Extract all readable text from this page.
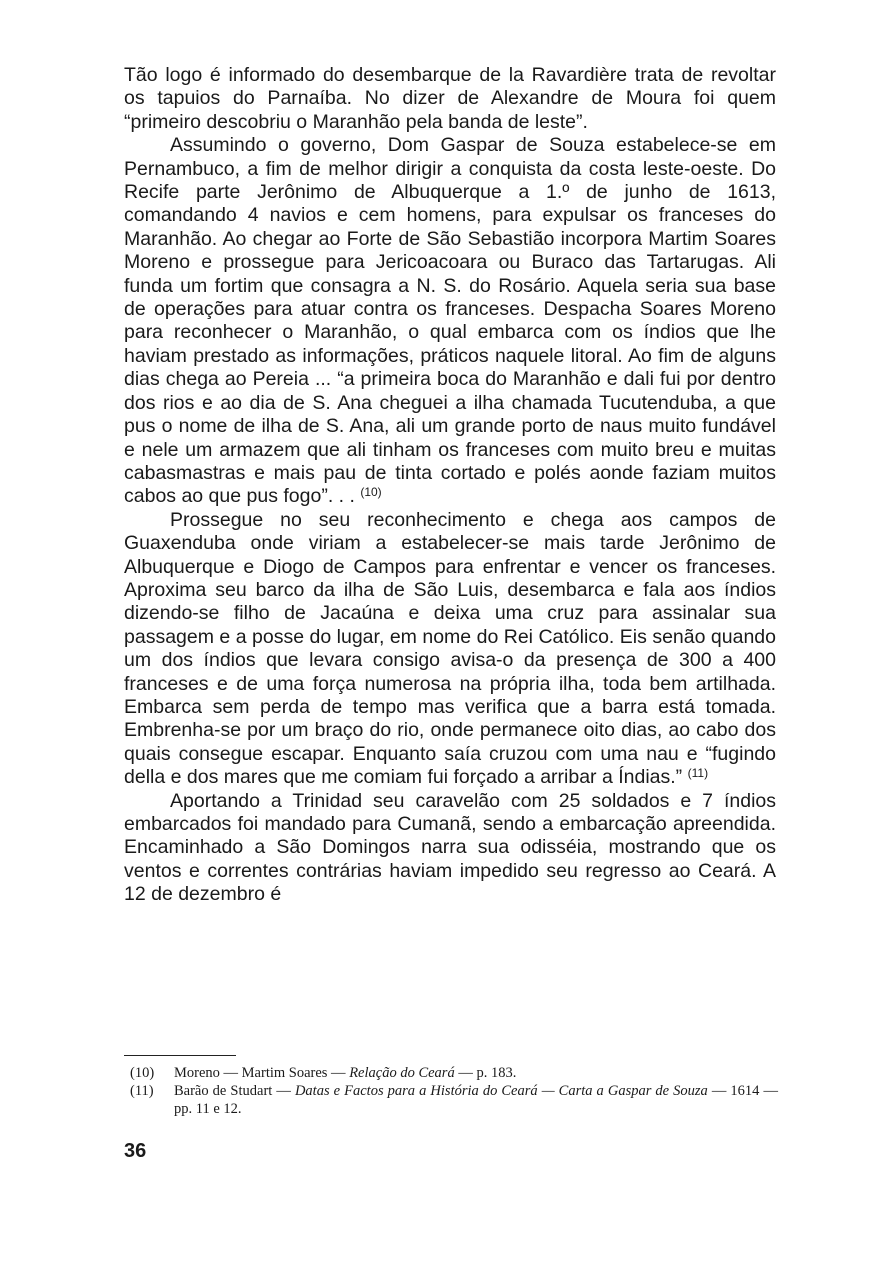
Tão logo é informado do desembarque de la Ravardière trata de revoltar os tapuios do Parnaíba. No dizer de Alexandre de Moura foi quem “primeiro descobriu o Maranhão pela banda de leste”.

Assumindo o governo, Dom Gaspar de Souza estabelece-se em Pernambuco, a fim de melhor dirigir a conquista da costa leste-oeste. Do Recife parte Jerônimo de Albuquerque a 1.º de junho de 1613, comandando 4 navios e cem homens, para expulsar os franceses do Maranhão. Ao chegar ao Forte de São Sebastião incorpora Martim Soares Moreno e prossegue para Jericoacoara ou Buraco das Tartarugas. Ali funda um fortim que consagra a N. S. do Rosário. Aquela seria sua base de operações para atuar contra os franceses. Despacha Soares Moreno para reconhecer o Maranhão, o qual embarca com os índios que lhe haviam prestado as informações, práticos naquele litoral. Ao fim de alguns dias chega ao Pereia ... “a primeira boca do Maranhão e dali fui por dentro dos rios e ao dia de S. Ana cheguei a ilha chamada Tucutenduba, a que pus o nome de ilha de S. Ana, ali um grande porto de naus muito fundável e nele um armazem que ali tinham os franceses com muito breu e muitas cabasmastras e mais pau de tinta cortado e polés aonde faziam muitos cabos ao que pus fogo”. . . $^{(10)}$

Prossegue no seu reconhecimento e chega aos campos de Guaxenduba onde viriam a estabelecer-se mais tarde Jerônimo de Albuquerque e Diogo de Campos para enfrentar e vencer os franceses. Aproxima seu barco da ilha de São Luis, desembarca e fala aos índios dizendo-se filho de Jacaúna e deixa uma cruz para assinalar sua passagem e a posse do lugar, em nome do Rei Católico. Eis senão quando um dos índios que levara consigo avisa-o da presença de 300 a 400 franceses e de uma força numerosa na própria ilha, toda bem artilhada. Embarca sem perda de tempo mas verifica que a barra está tomada. Embrenha-se por um braço do rio, onde permanece oito dias, ao cabo dos quais consegue escapar. Enquanto saía cruzou com uma nau e “fugindo della e dos mares que me comiam fui forçado a arribar a Índias.” $^{(11)}$

Aportando a Trinidad seu caravelão com 25 soldados e 7 índios embarcados foi mandado para Cumanã, sendo a embarcação apreendida. Encaminhado a São Domingos narra sua odisséia, mostrando que os ventos e correntes contrárias haviam impedido seu regresso ao Ceará. A 12 de dezembro é

(10)	Moreno — Martim Soares — Relação do Ceará — p. 183.
(11)	Barão de Studart — Datas e Factos para a História do Ceará — Carta a Gaspar de Souza — 1614 — pp. 11 e 12.
36
